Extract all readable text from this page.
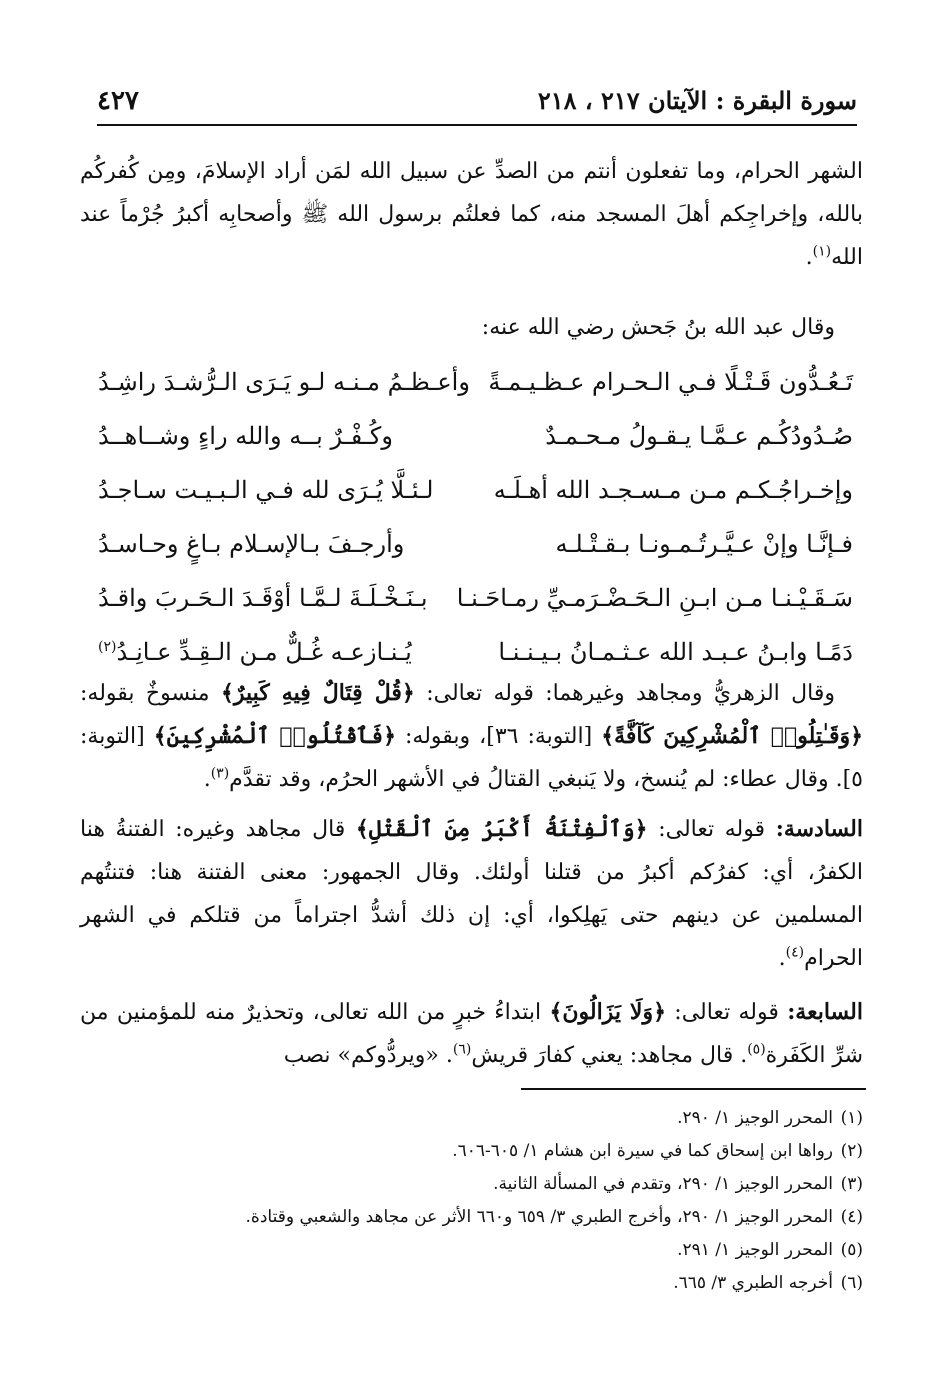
سورة البقرة : الآيتان ٢١٧ ، ٢١٨
٤٢٧

الشهر الحرام، وما تفعلون أنتم من الصدِّ عن سبيل الله لمَن أراد الإسلامَ، ومِن كُفركُم بالله، وإخراجِكم أهلَ المسجد منه، كما فعلتُم برسول الله ﷺ وأصحابِه أكبرُ جُرْماً عند الله$^{(١)}$.

وقال عبد الله بنُ جَحش رضي الله عنه:

تَـعُـدُّون قَـتْـلًا فـي الـحـرام عـظـيـمـةً
وأعـظـمُ مـنـه لـو يَـرَى الـرُّشـدَ راشِـدُ
صُـدُودُكُـم عـمَّـا يـقـولُ مـحـمـدٌ
وكُـفْـرٌ بــه والله راءٍ وشــاهــدُ
وإخـراجُـكـم مـن مـسـجـد الله أهـلَـه
لـئـلَّا يُـرَى لله فـي الـبـيـت سـاجـدُ
فـإنَّـا وإنْ عـيَّـرتُـمـونـا بـقـتْـلـه
وأرجـفَ بـالإسـلام بـاغٍ وحـاسـدُ
سَـقَـيْـنـا مـن ابـنِ الـحَـضْـرَمـيِّ رمـاحَـنـا
بـنَـخْـلَـةَ لـمَّـا أوْقَـدَ الـحَـربَ واقـدُ
دَمًـا وابـنُ عـبـد الله عـثـمـانُ بـيـنـنـا
يُـنـازعـه غُـلٌّ مـن الـقِـدِّ عـانِـدُ$^{(٢)}$

وقال الزهريُّ ومجاهد وغيرهما: قوله تعالى: ﴿قُلْ قِتَالٌ فِيهِ كَبِيرٌ﴾ منسوخٌ بقوله: ﴿وَقَـٰتِلُوا۟ ٱلْمُشْرِكِينَ كَآفَّةً﴾ [التوبة: ٣٦]، وبقوله: ﴿فَٱقْتُلُوا۟ ٱلْمُشْرِكِينَ﴾ [التوبة: ٥]. وقال عطاء: لم يُنسخ، ولا يَنبغي القتالُ في الأشهر الحرُم، وقد تقدَّم$^{(٣)}$.

السادسة: قوله تعالى: ﴿وَٱلْفِتْنَةُ أَكْبَرُ مِنَ ٱلْقَتْلِ﴾ قال مجاهد وغيره: الفتنةُ هنا الكفرُ، أي: كفرُكم أكبرُ من قتلنا أولئك. وقال الجمهور: معنى الفتنة هنا: فتنتُهم المسلمين عن دينهم حتى يَهلِكوا، أي: إن ذلك أشدُّ اجتراماً من قتلكم في الشهر الحرام$^{(٤)}$.

السابعة: قوله تعالى: ﴿وَلَا يَزَالُونَ﴾ ابتداءُ خبرٍ من الله تعالى، وتحذيرٌ منه للمؤمنين من شرِّ الكَفَرة$^{(٥)}$. قال مجاهد: يعني كفارَ قريش$^{(٦)}$. «ويردُّوكم» نصب

(١)المحرر الوجيز ١/ ٢٩٠.
(٢)رواها ابن إسحاق كما في سيرة ابن هشام ١/ ٦٠٥-٦٠٦.
(٣)المحرر الوجيز ١/ ٢٩٠، وتقدم في المسألة الثانية.
(٤)المحرر الوجيز ١/ ٢٩٠، وأخرج الطبري ٣/ ٦٥٩ و٦٦٠ الأثر عن مجاهد والشعبي وقتادة.
(٥)المحرر الوجيز ١/ ٢٩١.
(٦)أخرجه الطبري ٣/ ٦٦٥.
